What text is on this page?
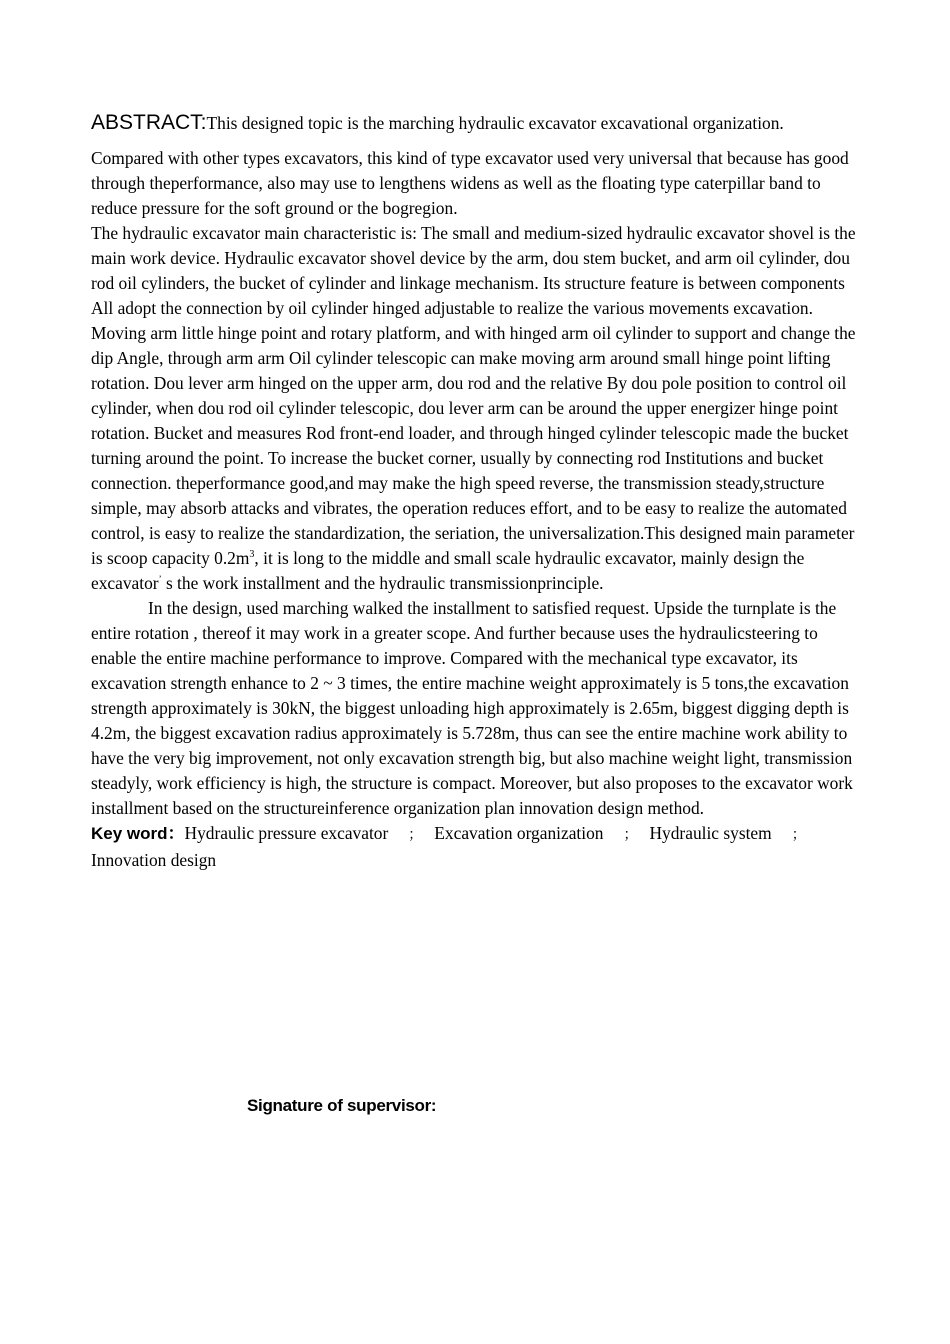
ABSTRACT:This designed topic is the marching hydraulic excavator excavational organization.

Compared with other types excavators, this kind of type excavator used very universal that because has good through theperformance, also may use to lengthens widens as well as the floating type caterpillar band to reduce pressure for the soft ground or the bogregion.

The hydraulic excavator main characteristic is: The small and medium-sized hydraulic excavator shovel is the main work device. Hydraulic excavator shovel device by the arm, dou stem bucket, and arm oil cylinder, dou rod oil cylinders, the bucket of cylinder and linkage mechanism. Its structure feature is between components All adopt the connection by oil cylinder hinged adjustable to realize the various movements excavation. Moving arm little hinge point and rotary platform, and with hinged arm oil cylinder to support and change the dip Angle, through arm arm Oil cylinder telescopic can make moving arm around small hinge point lifting rotation. Dou lever arm hinged on the upper arm, dou rod and the relative By dou pole position to control oil cylinder, when dou rod oil cylinder telescopic, dou lever arm can be around the upper energizer hinge point rotation. Bucket and measures Rod front-end loader, and through hinged cylinder telescopic made the bucket turning around the point. To increase the bucket corner, usually by connecting rod Institutions and bucket connection. theperformance good,and may make the high speed reverse, the transmission steady,structure simple, may absorb attacks and vibrates, the operation reduces effort, and to be easy to realize the automated control, is easy to realize the standardization, the seriation, the universalization.This designed main parameter is scoop capacity $0.2m^3$, it is long to the middle and small scale hydraulic excavator, mainly design the excavator’ s the work installment and the hydraulic transmissionprinciple.

In the design, used marching walked the installment to satisfied request. Upside the turnplate is the entire rotation , thereof it may work in a greater scope. And further because uses the hydraulicsteering to enable the entire machine performance to improve. Compared with the mechanical type excavator, its excavation strength enhance to 2 ~ 3 times, the entire machine weight approximately is 5 tons,the excavation strength approximately is 30kN, the biggest unloading high approximately is 2.65m, biggest digging depth is 4.2m, the biggest excavation radius approximately is 5.728m, thus can see the entire machine work ability to have the very big improvement, not only excavation strength big, but also machine weight light, transmission steadyly, work efficiency is high, the structure is compact. Moreover, but also proposes to the excavator work installment based on the structureinference organization plan innovation design method.

Key word：Hydraulic pressure excavator ； Excavation organization ； Hydraulic system ；Innovation design

Signature of supervisor:
